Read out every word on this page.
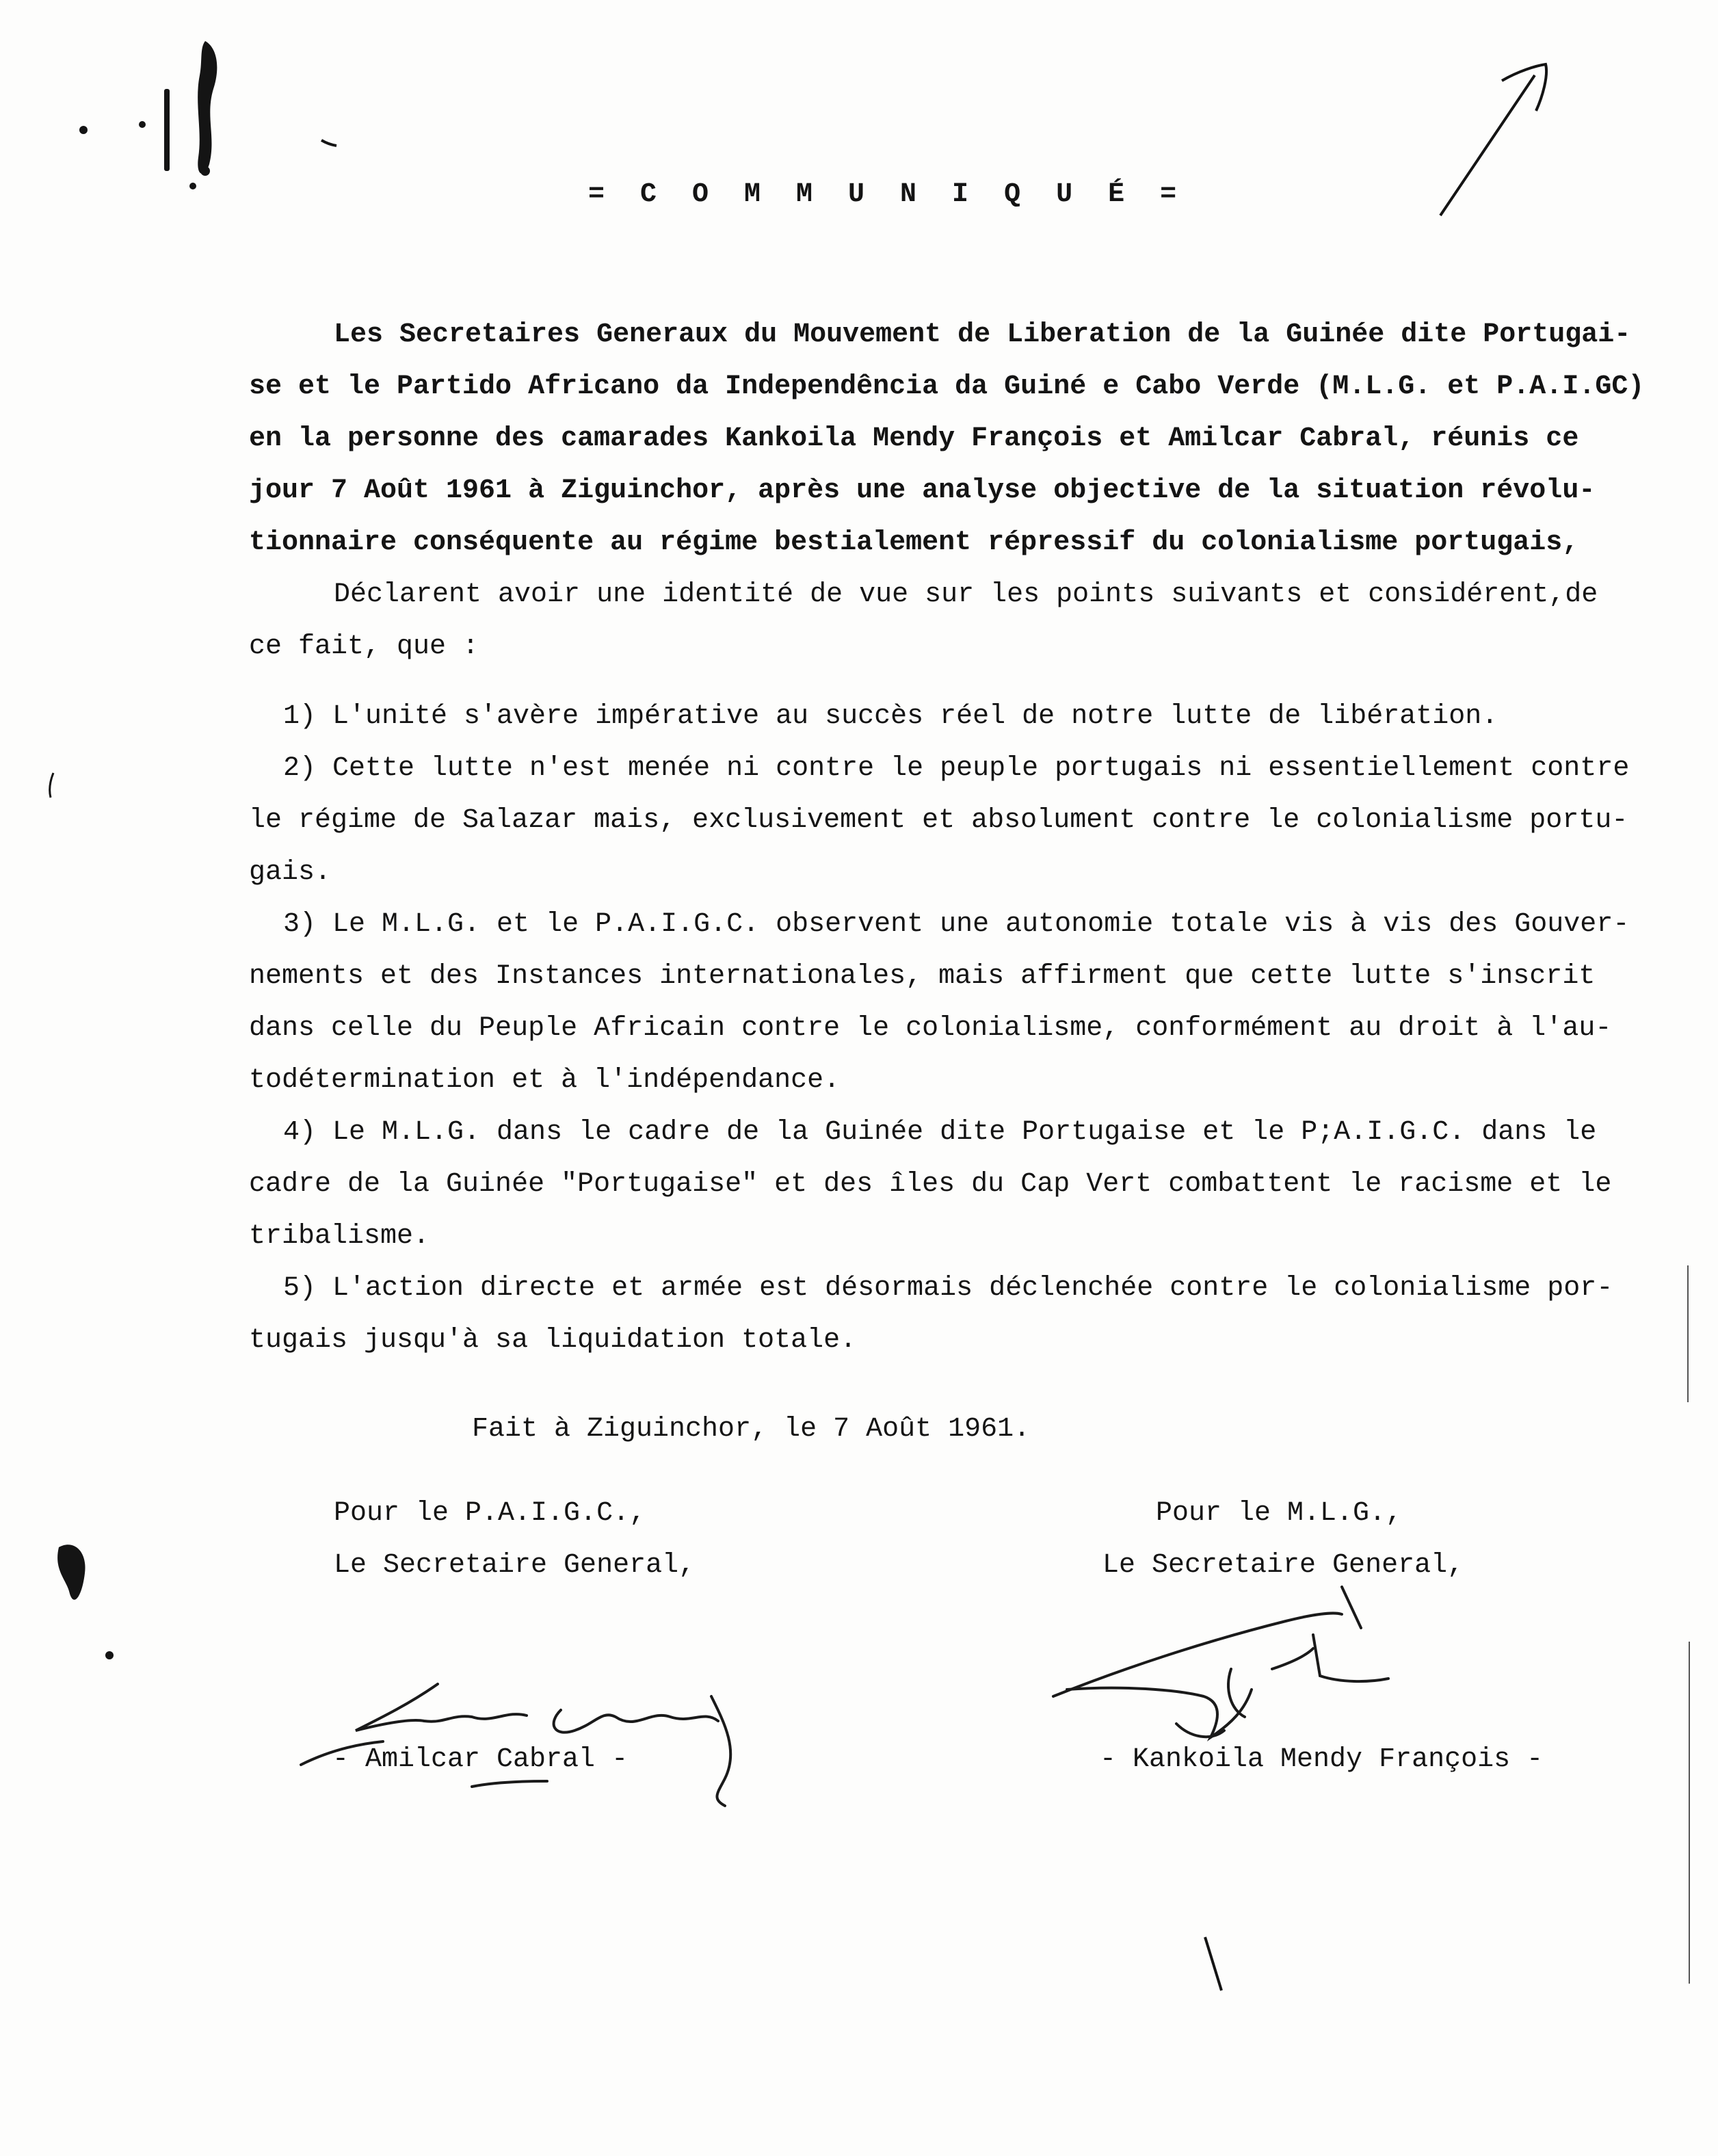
= C O M M U N I Q U É =
Les Secretaires Generaux du Mouvement de Liberation de la Guinée dite Portugai-
se et le Partido Africano da Independência da Guiné e Cabo Verde (M.L.G. et P.A.I.GC)
en la personne des camarades Kankoila Mendy François et Amilcar Cabral, réunis ce
jour 7 Août 1961 à Ziguinchor, après une analyse objective de la situation révolu-
tionnaire conséquente au régime bestialement répressif du colonialisme portugais,
Déclarent avoir une identité de vue sur les points suivants et considérent,de
ce fait, que :
1) L'unité s'avère impérative au succès réel de notre lutte de libération.
2) Cette lutte n'est menée ni contre le peuple portugais ni essentiellement contre
le régime de Salazar mais, exclusivement et absolument contre le colonialisme portu-
gais.
3) Le M.L.G. et le P.A.I.G.C. observent une autonomie totale vis à vis des Gouver-
nements et des Instances internationales, mais affirment que cette lutte s'inscrit
dans celle du Peuple Africain contre le colonialisme, conformément au droit à l'au-
todétermination et à l'indépendance.
4) Le M.L.G. dans le cadre de la Guinée dite Portugaise et le P;A.I.G.C. dans le
cadre de la Guinée "Portugaise" et des îles du Cap Vert combattent le racisme et le
tribalisme.
5) L'action directe et armée est désormais déclenchée contre le colonialisme por-
tugais jusqu'à sa liquidation totale.
Fait à Ziguinchor, le 7 Août 1961.
Pour le P.A.I.G.C.,
Le Secretaire General,
- Amilcar Cabral -
Pour le M.L.G.,
Le Secretaire General,
- Kankoila Mendy François -
